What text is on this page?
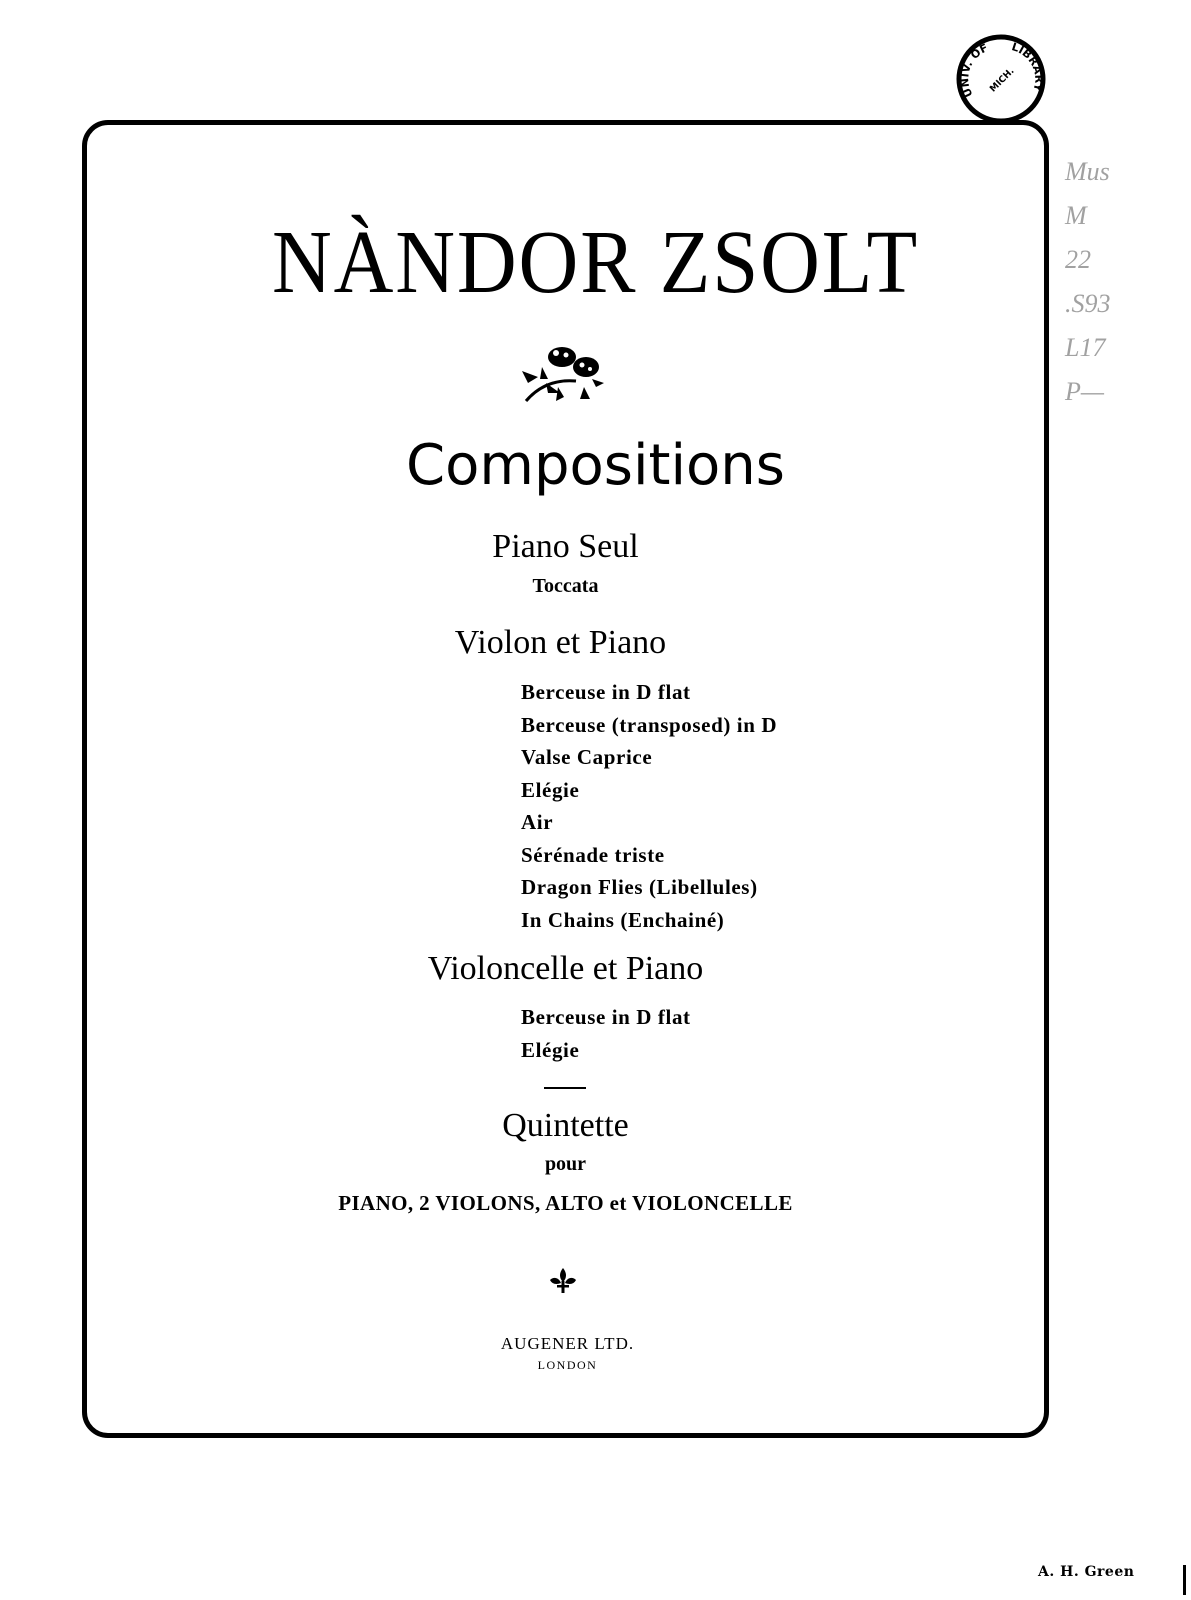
UNIV. OF LIBRARY
MICH.
Mus
M
22
.S93
L17
P—
NÀNDOR ZSOLT
Compositions
Piano Seul
Toccata
Violon et Piano
Berceuse in D flat
Berceuse (transposed) in D
Valse Caprice
Elégie
Air
Sérénade triste
Dragon Flies (Libellules)
In Chains (Enchainé)
Violoncelle et Piano
Berceuse in D flat
Elégie
Quintette
pour
PIANO, 2 VIOLONS, ALTO et VIOLONCELLE
AUGENER LTD.
LONDON
A. H. Green
